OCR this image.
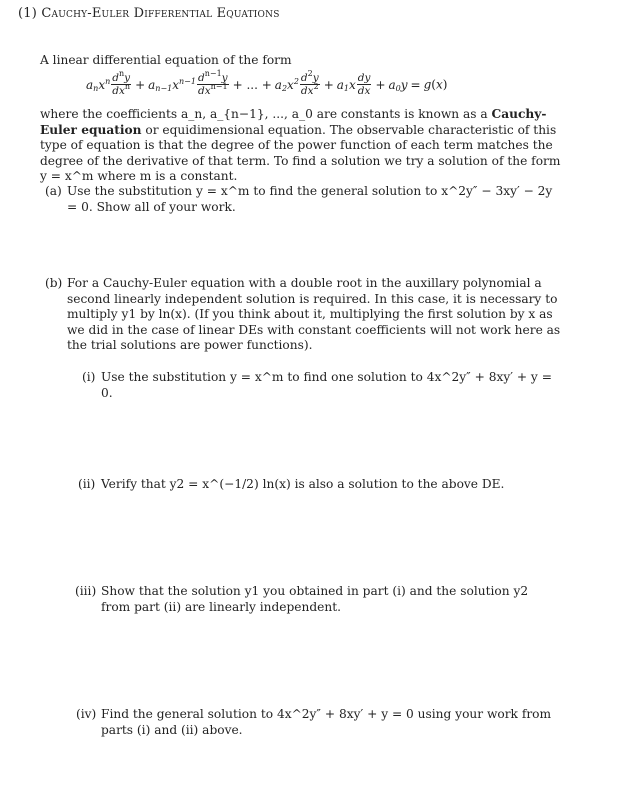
(1) Cauchy-Euler Differential Equations
A linear differential equation of the form
$a_nx^n \frac{d^ny}{dx^n} + a_{n-1}x^{n-1} \frac{d^{n-1}y}{dx^{n-1}}$ + ... + $a_2x^2 \frac{d^2y}{dx^2} + a_1x \frac{dy}{dx} + a_0y = g(x)$
where the coefficients a_n, a_{n−1}, ..., a_0 are constants is known as a Cauchy-Euler equation or equidimensional equation. The observable characteristic of this type of equation is that the degree of the power function of each term matches the degree of the derivative of that term. To find a solution we try a solution of the form y = x^m where m is a constant.
(a) Use the substitution y = x^m to find the general solution to x^2y″ − 3xy′ − 2y = 0. Show all of your work.
(b) For a Cauchy-Euler equation with a double root in the auxillary polynomial a second linearly independent solution is required. In this case, it is necessary to multiply y1 by ln(x). (If you think about it, multiplying the first solution by x as we did in the case of linear DEs with constant coefficients will not work here as the trial solutions are power functions).
(i) Use the substitution y = x^m to find one solution to 4x^2y″ + 8xy′ + y = 0.
(ii) Verify that y2 = x^(−1/2) ln(x) is also a solution to the above DE.
(iii) Show that the solution y1 you obtained in part (i) and the solution y2 from part (ii) are linearly independent.
(iv) Find the general solution to 4x^2y″ + 8xy′ + y = 0 using your work from parts (i) and (ii) above.
